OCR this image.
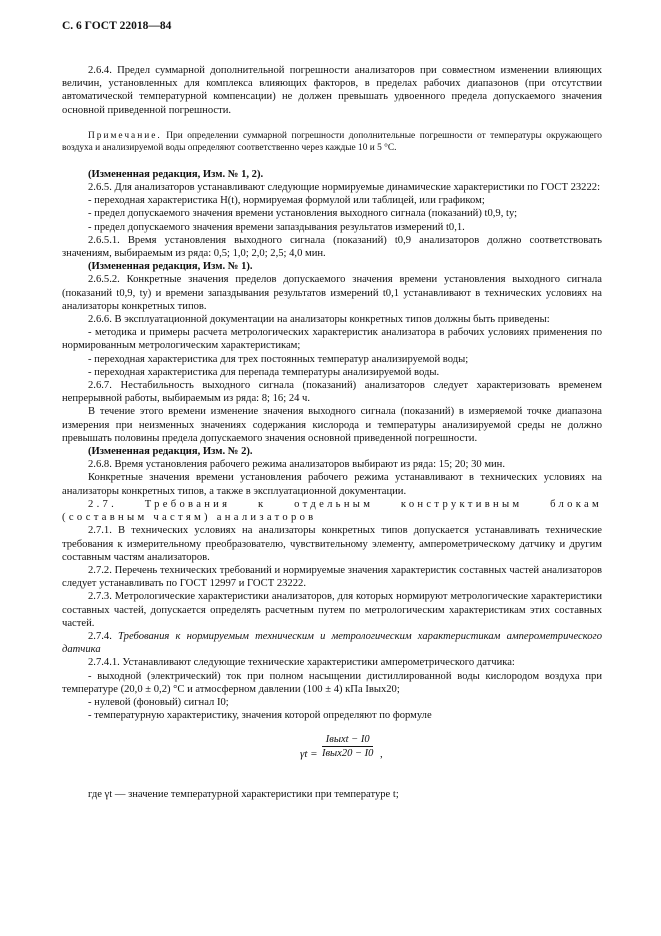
С. 6 ГОСТ 22018—84

2.6.4. Предел суммарной дополнительной погрешности анализаторов при совместном изменении влияющих величин, установленных для комплекса влияющих факторов, в пределах рабочих диапазонов (при отсутствии автоматической температурной компенсации) не должен превышать удвоенного предела допускаемого значения основной приведенной погрешности.

Примечание. При определении суммарной погрешности дополнительные погрешности от температуры окружающего воздуха и анализируемой воды определяют соответственно через каждые 10 и 5 °С.

(Измененная редакция, Изм. № 1, 2).

2.6.5. Для анализаторов устанавливают следующие нормируемые динамические характеристики по ГОСТ 23222:

- переходная характеристика H(t), нормируемая формулой или таблицей, или графиком;

- предел допускаемого значения времени установления выходного сигнала (показаний) t0,9, tу;

- предел допускаемого значения времени запаздывания результатов измерений t0,1.

2.6.5.1. Время установления выходного сигнала (показаний) t0,9 анализаторов должно соответствовать значениям, выбираемым из ряда: 0,5; 1,0; 2,0; 2,5; 4,0 мин.

(Измененная редакция, Изм. № 1).

2.6.5.2. Конкретные значения пределов допускаемого значения времени установления выходного сигнала (показаний t0,9, tу) и времени запаздывания результатов измерений t0,1 устанавливают в технических условиях на анализаторы конкретных типов.

2.6.6. В эксплуатационной документации на анализаторы конкретных типов должны быть приведены:

- методика и примеры расчета метрологических характеристик анализатора в рабочих условиях применения по нормированным метрологическим характеристикам;

- переходная характеристика для трех постоянных температур анализируемой воды;

- переходная характеристика для перепада температуры анализируемой воды.

2.6.7. Нестабильность выходного сигнала (показаний) анализаторов следует характеризовать временем непрерывной работы, выбираемым из ряда: 8; 16; 24 ч.

В течение этого времени изменение значения выходного сигнала (показаний) в измеряемой точке диапазона измерения при неизменных значениях содержания кислорода и температуры анализируемой среды не должно превышать половины предела допускаемого значения основной приведенной погрешности.

(Измененная редакция, Изм. № 2).

2.6.8. Время установления рабочего режима анализаторов выбирают из ряда: 15; 20; 30 мин.

Конкретные значения времени установления рабочего режима устанавливают в технических условиях на анализаторы конкретных типов, а также в эксплуатационной документации.

2.7. Требования к отдельным конструктивным блокам

(составным частям) анализаторов

2.7.1. В технических условиях на анализаторы конкретных типов допускается устанавливать технические требования к измерительному преобразователю, чувствительному элементу, амперометрическому датчику и другим составным частям анализаторов.

2.7.2. Перечень технических требований и нормируемые значения характеристик составных частей анализаторов следует устанавливать по ГОСТ 12997 и ГОСТ 23222.

2.7.3. Метрологические характеристики анализаторов, для которых нормируют метрологические характеристики составных частей, допускается определять расчетным путем по метрологическим характеристикам этих составных частей.

2.7.4. Требования к нормируемым техническим и метрологическим характеристикам амперометрического датчика

2.7.4.1. Устанавливают следующие технические характеристики амперометрического датчика:

- выходной (электрический) ток при полном насыщении дистиллированной воды кислородом воздуха при температуре (20,0 ± 0,2) °С и атмосферном давлении (100 ± 4) кПа Iвых20;

- нулевой (фоновый) сигнал I0;

- температурную характеристику, значения которой определяют по формуле

γt =
Iвыхt − I0
Iвых20 − I0 ,

где γt — значение температурной характеристики при температуре t;
